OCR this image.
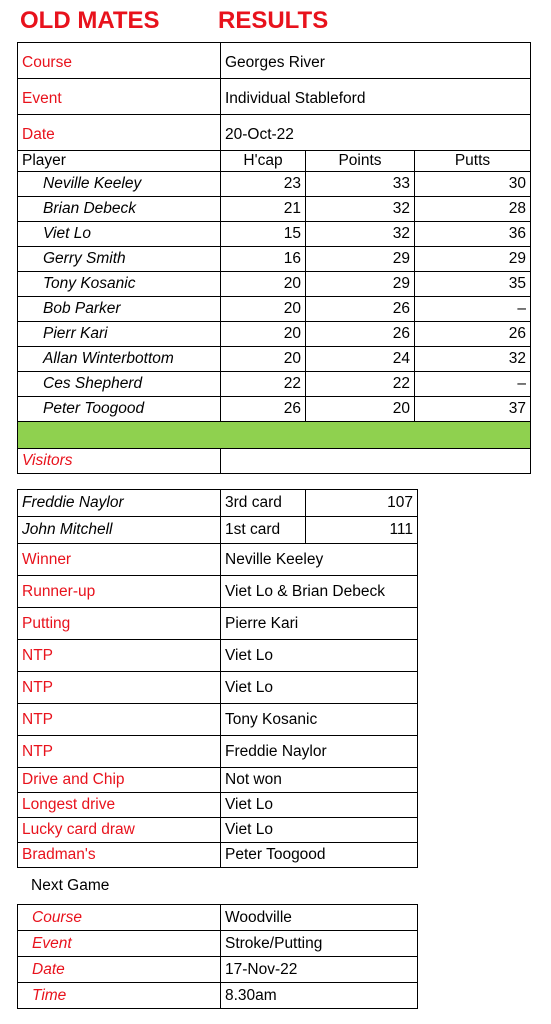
OLD MATES RESULTS
Course	Georges River		
Event	Individual Stableford		
Date	20-Oct-22		
Player	H'cap	Points	Putts
Neville Keeley	23	33	30
Brian Debeck	21	32	28
Viet Lo	15	32	36
Gerry Smith	16	29	29
Tony Kosanic	20	29	35
Bob Parker	20	26	–
Pierr Kari	20	26	26
Allan Winterbottom	20	24	32
Ces Shepherd	22	22	–
Peter Toogood	26	20	37

Visitors			
Freddie Naylor	3rd card	107
John Mitchell	1st card	111
Winner	Neville Keeley	
Runner-up	Viet Lo & Brian Debeck	
Putting	Pierre Kari	
NTP	Viet Lo	
NTP	Viet Lo	
NTP	Tony Kosanic	
NTP	Freddie Naylor	
Drive and Chip	Not won	
Longest drive	Viet Lo	
Lucky card draw	Viet Lo	
Bradman's	Peter Toogood	
Next Game
Course	Woodville
Event	Stroke/Putting
Date	17-Nov-22
Time	8.30am
